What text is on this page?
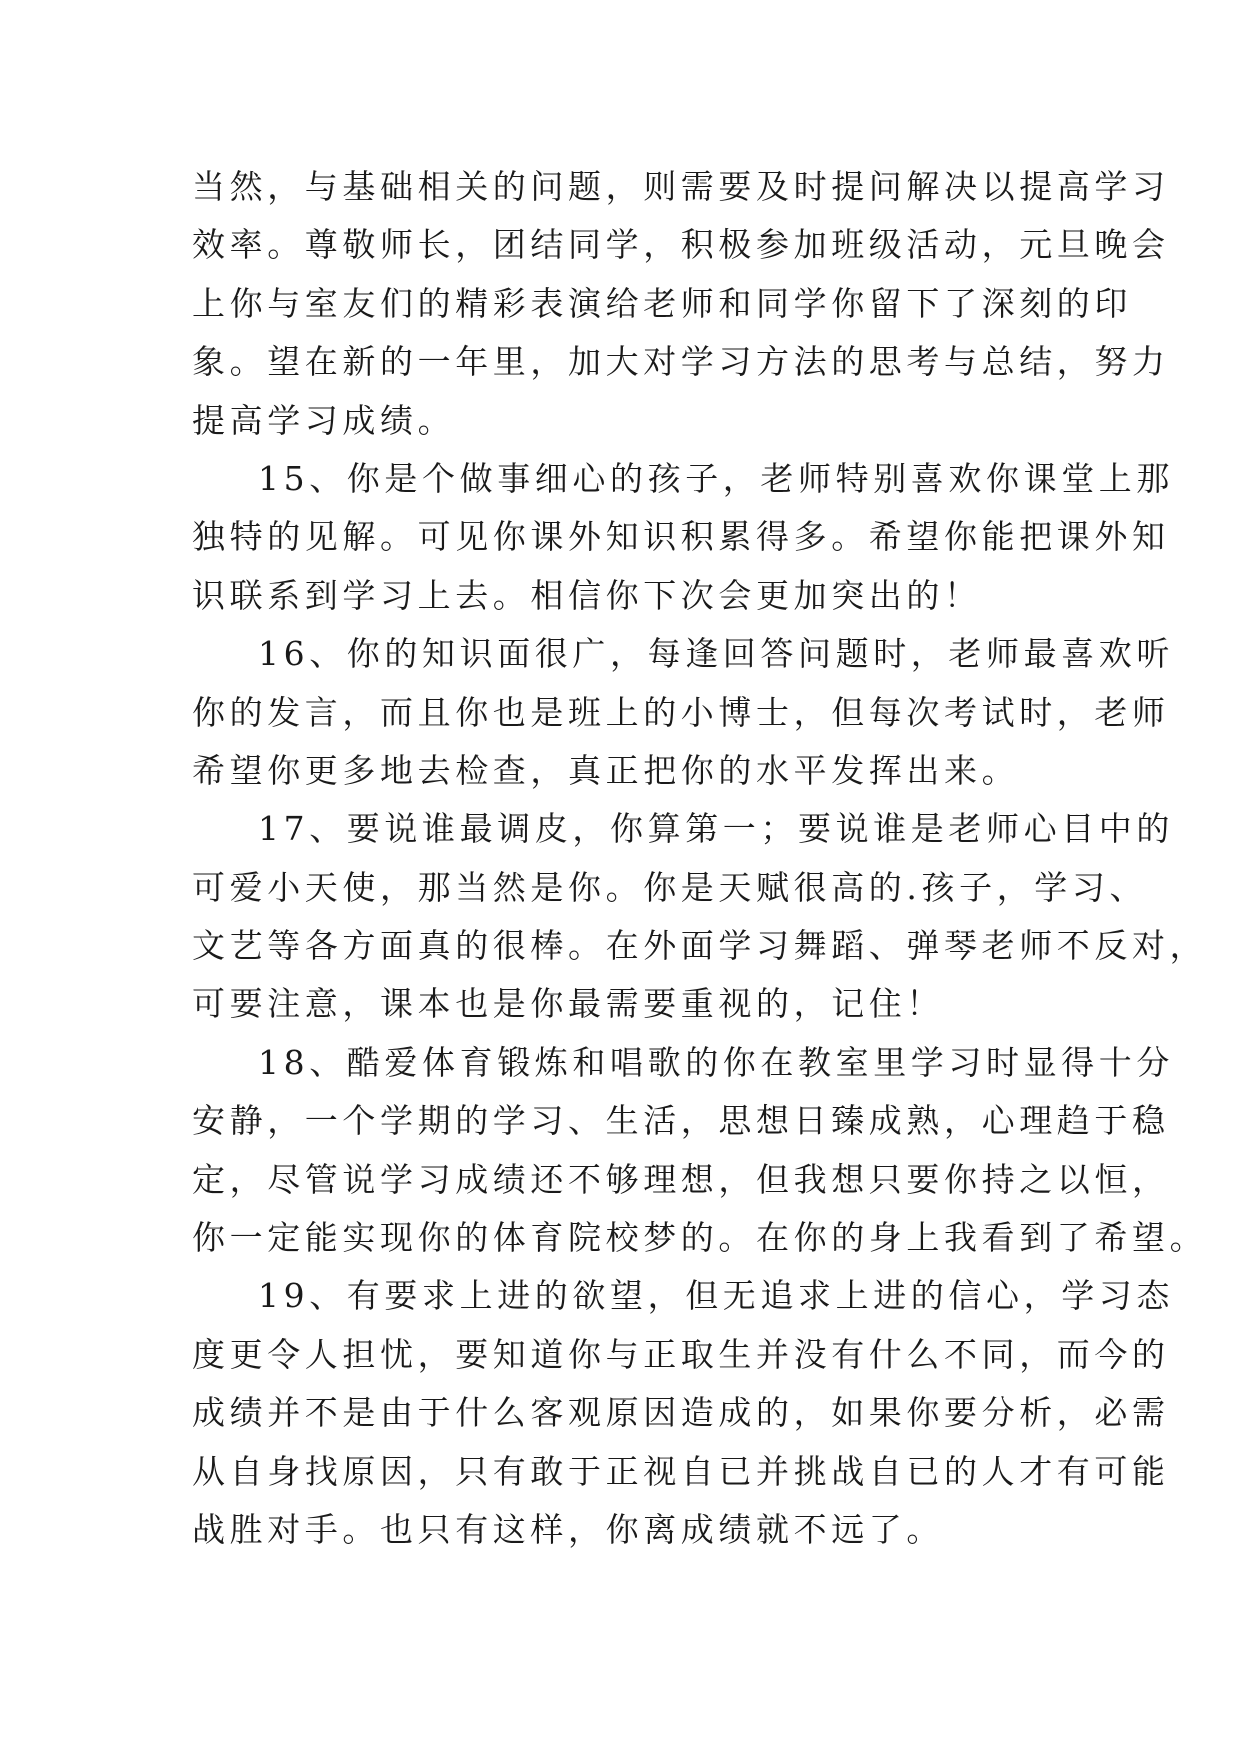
当然，与基础相关的问题，则需要及时提问解决以提高学习
效率。尊敬师长，团结同学，积极参加班级活动，元旦晚会
上你与室友们的精彩表演给老师和同学你留下了深刻的印
象。望在新的一年里，加大对学习方法的思考与总结，努力
提高学习成绩。

15、你是个做事细心的孩子，老师特别喜欢你课堂上那
独特的见解。可见你课外知识积累得多。希望你能把课外知
识联系到学习上去。相信你下次会更加突出的！

16、你的知识面很广，每逢回答问题时，老师最喜欢听
你的发言，而且你也是班上的小博士，但每次考试时，老师
希望你更多地去检查，真正把你的水平发挥出来。

17、要说谁最调皮，你算第一；要说谁是老师心目中的
可爱小天使，那当然是你。你是天赋很高的.孩子，学习、
文艺等各方面真的很棒。在外面学习舞蹈、弹琴老师不反对，
可要注意，课本也是你最需要重视的，记住！

18、酷爱体育锻炼和唱歌的你在教室里学习时显得十分
安静，一个学期的学习、生活，思想日臻成熟，心理趋于稳
定，尽管说学习成绩还不够理想，但我想只要你持之以恒，
你一定能实现你的体育院校梦的。在你的身上我看到了希望。

19、有要求上进的欲望，但无追求上进的信心，学习态
度更令人担忧，要知道你与正取生并没有什么不同，而今的
成绩并不是由于什么客观原因造成的，如果你要分析，必需
从自身找原因，只有敢于正视自已并挑战自已的人才有可能
战胜对手。也只有这样，你离成绩就不远了。
